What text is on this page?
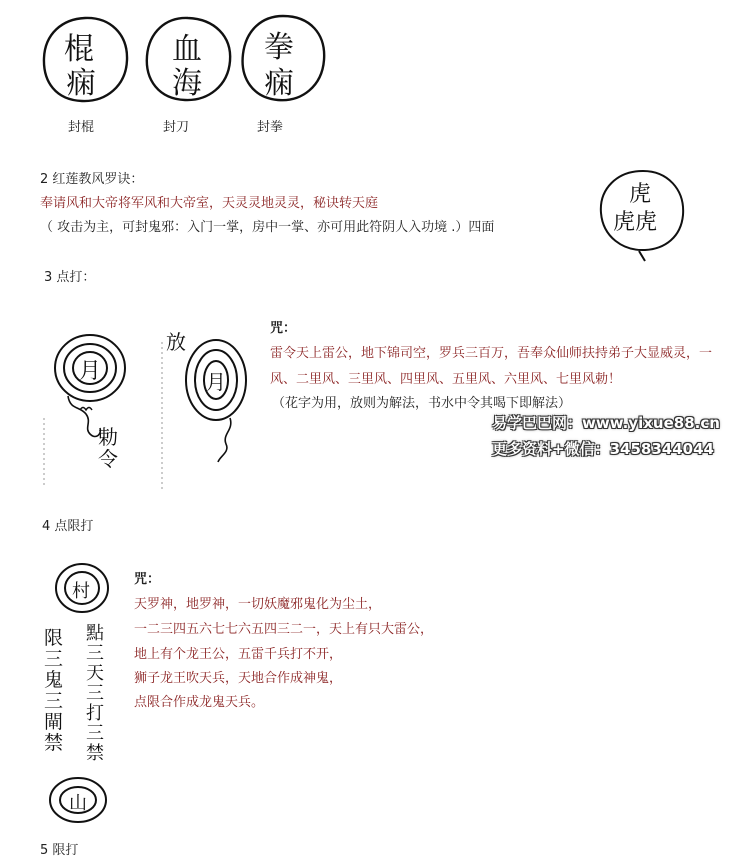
棍
痫
封棍
血
海
封刀
拳
痫
封拳
虎
虎虎
2 红莲教风罗诀：
奉请风和大帝将军风和大帝室，天灵灵地灵灵，秘诀转天庭
（ 攻击为主，可封鬼邪：入门一掌，房中一掌、亦可用此符阴人入功境 .）四面
3 点打：
月
勅令
放
月
咒：
雷令天上雷公，地下锦司空，罗兵三百万，吾奉众仙师扶持弟子大显威灵，一
风、二里风、三里风、四里风、五里风、六里风、七里风勅！
（花字为用，放则为解法，书水中令其喝下即解法）
易学巴巴网：www.yixue88.cn
更多资料+微信：3458344044
4 点限打
村
限
三
鬼
三
閘
禁
點
三
天
三
打
三
禁
山
咒：
天罗神，地罗神，一切妖魔邪鬼化为尘土，
一二三四五六七七六五四三二一，天上有只大雷公，
地上有个龙王公，五雷千兵打不开，
狮子龙王吹天兵，天地合作成神鬼，
点限合作成龙鬼天兵。
5 限打
